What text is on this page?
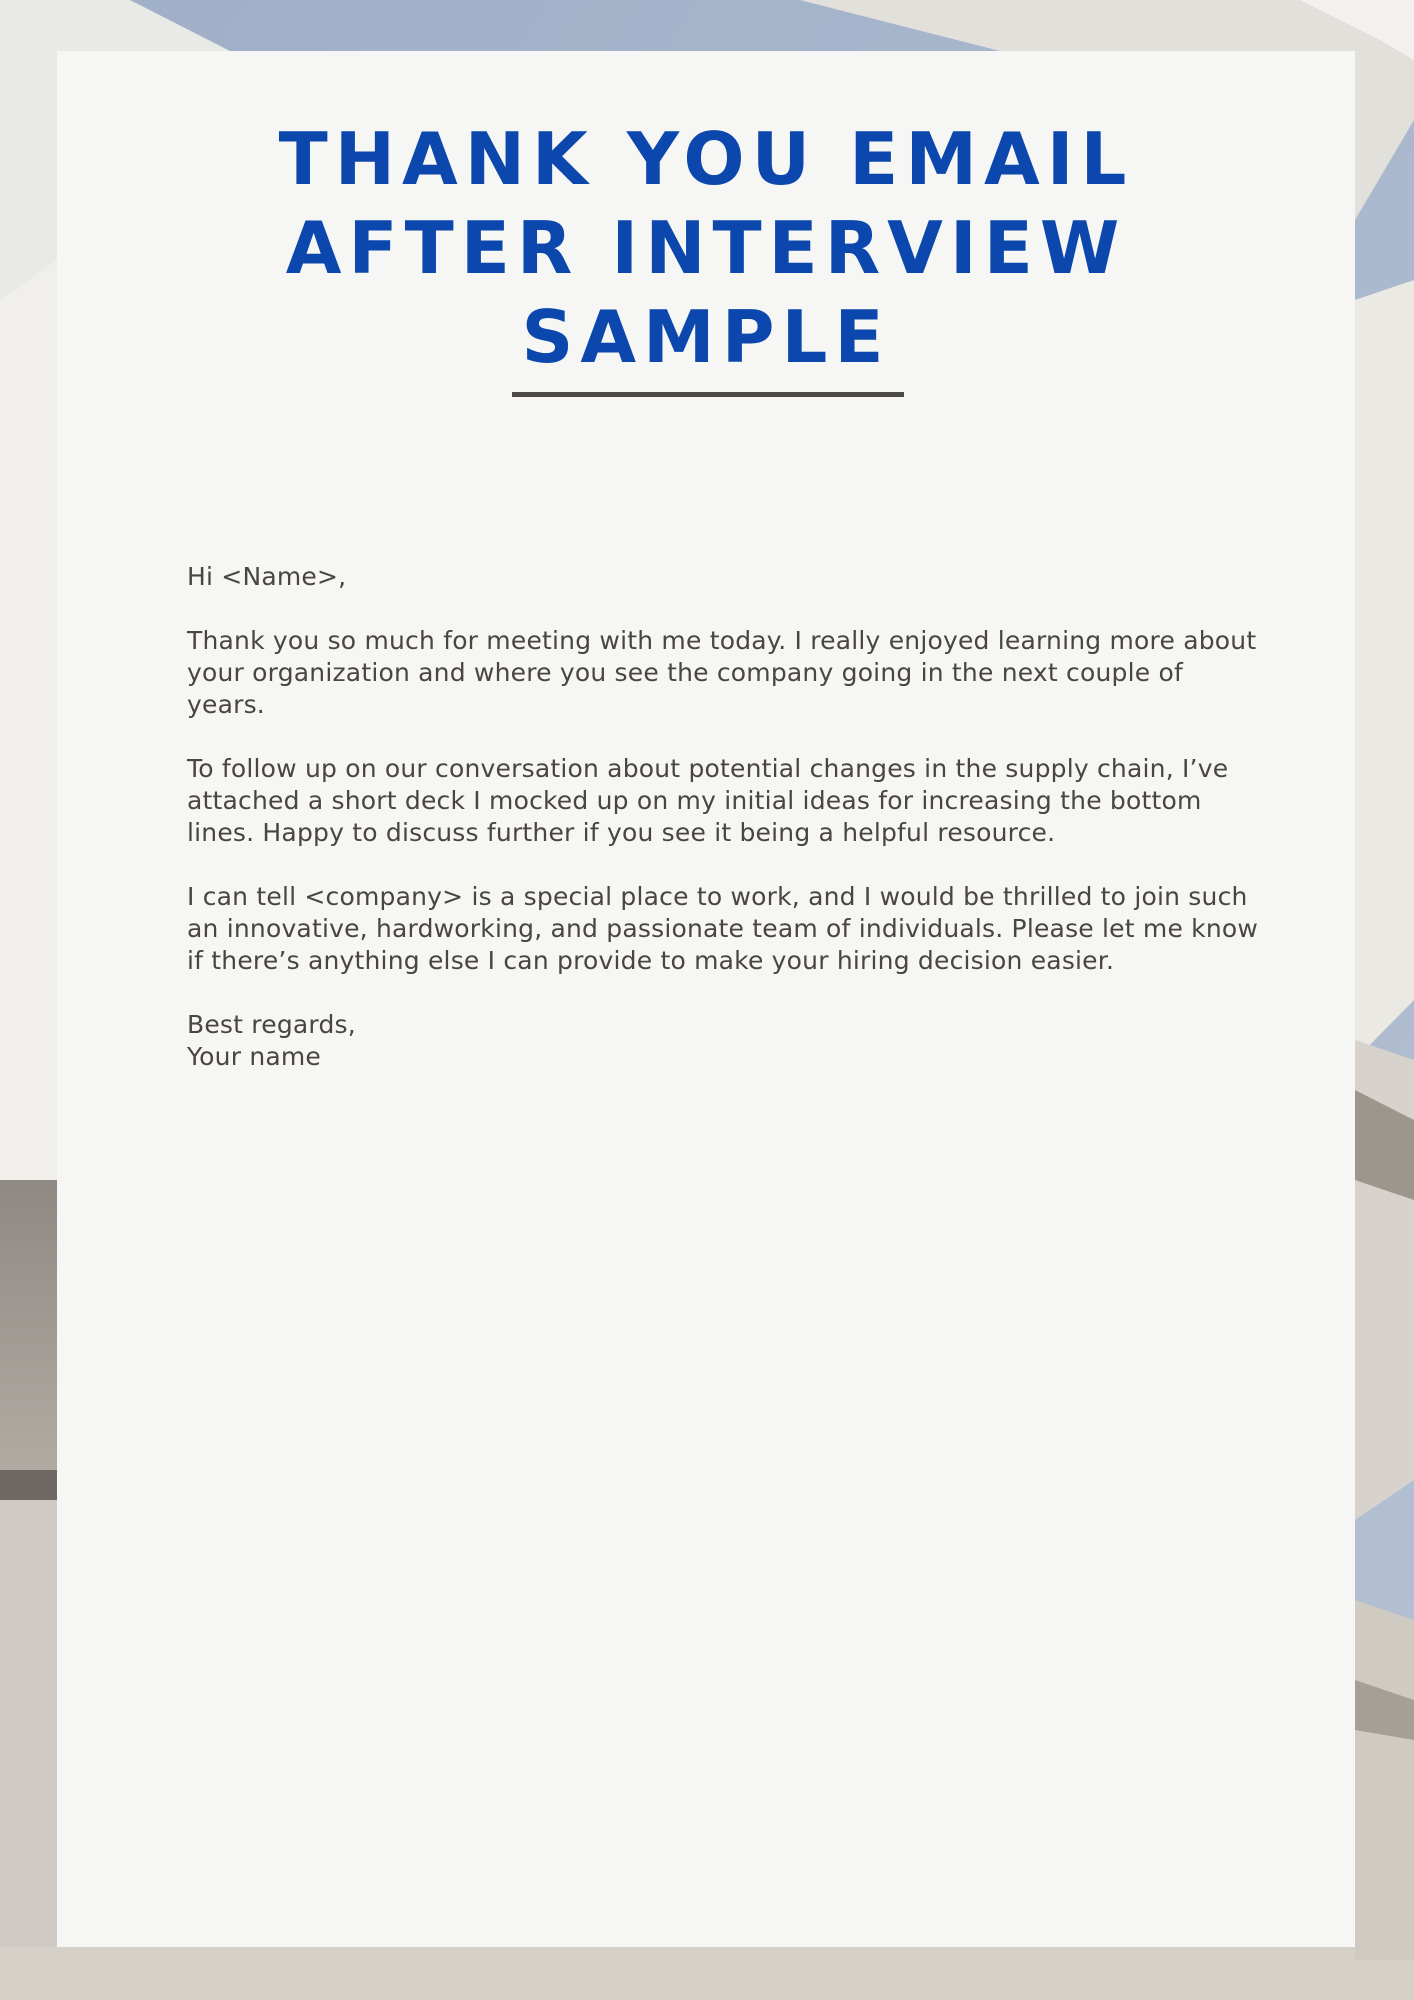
THANK YOU EMAIL
AFTER INTERVIEW
SAMPLE

Hi <Name>,

Thank you so much for meeting with me today. I really enjoyed learning more about your organization and where you see the company going in the next couple of years.

To follow up on our conversation about potential changes in the supply chain, I’ve attached a short deck I mocked up on my initial ideas for increasing the bottom lines. Happy to discuss further if you see it being a helpful resource.

I can tell <company> is a special place to work, and I would be thrilled to join such an innovative, hardworking, and passionate team of individuals. Please let me know if there’s anything else I can provide to make your hiring decision easier.

Best regards,
Your name
